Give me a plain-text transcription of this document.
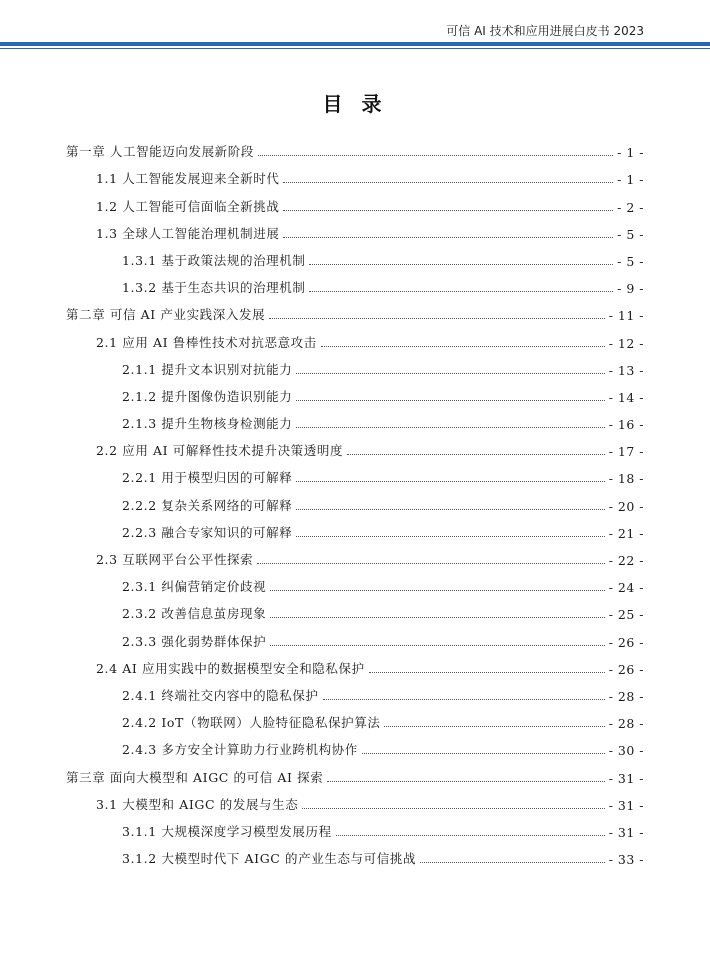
可信 AI 技术和应用进展白皮书 2023
目 录
第一章 人工智能迈向发展新阶段	- 1 -
1.1 人工智能发展迎来全新时代	- 1 -
1.2 人工智能可信面临全新挑战	- 2 -
1.3 全球人工智能治理机制进展	- 5 -
1.3.1 基于政策法规的治理机制	- 5 -
1.3.2 基于生态共识的治理机制	- 9 -
第二章 可信 AI 产业实践深入发展	- 11 -
2.1 应用 AI 鲁棒性技术对抗恶意攻击	- 12 -
2.1.1 提升文本识别对抗能力	- 13 -
2.1.2 提升图像伪造识别能力	- 14 -
2.1.3 提升生物核身检测能力	- 16 -
2.2 应用 AI 可解释性技术提升决策透明度	- 17 -
2.2.1 用于模型归因的可解释	- 18 -
2.2.2 复杂关系网络的可解释	- 20 -
2.2.3 融合专家知识的可解释	- 21 -
2.3 互联网平台公平性探索	- 22 -
2.3.1 纠偏营销定价歧视	- 24 -
2.3.2 改善信息茧房现象	- 25 -
2.3.3 强化弱势群体保护	- 26 -
2.4 AI 应用实践中的数据模型安全和隐私保护	- 26 -
2.4.1 终端社交内容中的隐私保护	- 28 -
2.4.2 IoT（物联网）人脸特征隐私保护算法	- 28 -
2.4.3 多方安全计算助力行业跨机构协作	- 30 -
第三章 面向大模型和 AIGC 的可信 AI 探索	- 31 -
3.1 大模型和 AIGC 的发展与生态	- 31 -
3.1.1 大规模深度学习模型发展历程	- 31 -
3.1.2 大模型时代下 AIGC 的产业生态与可信挑战	- 33 -
